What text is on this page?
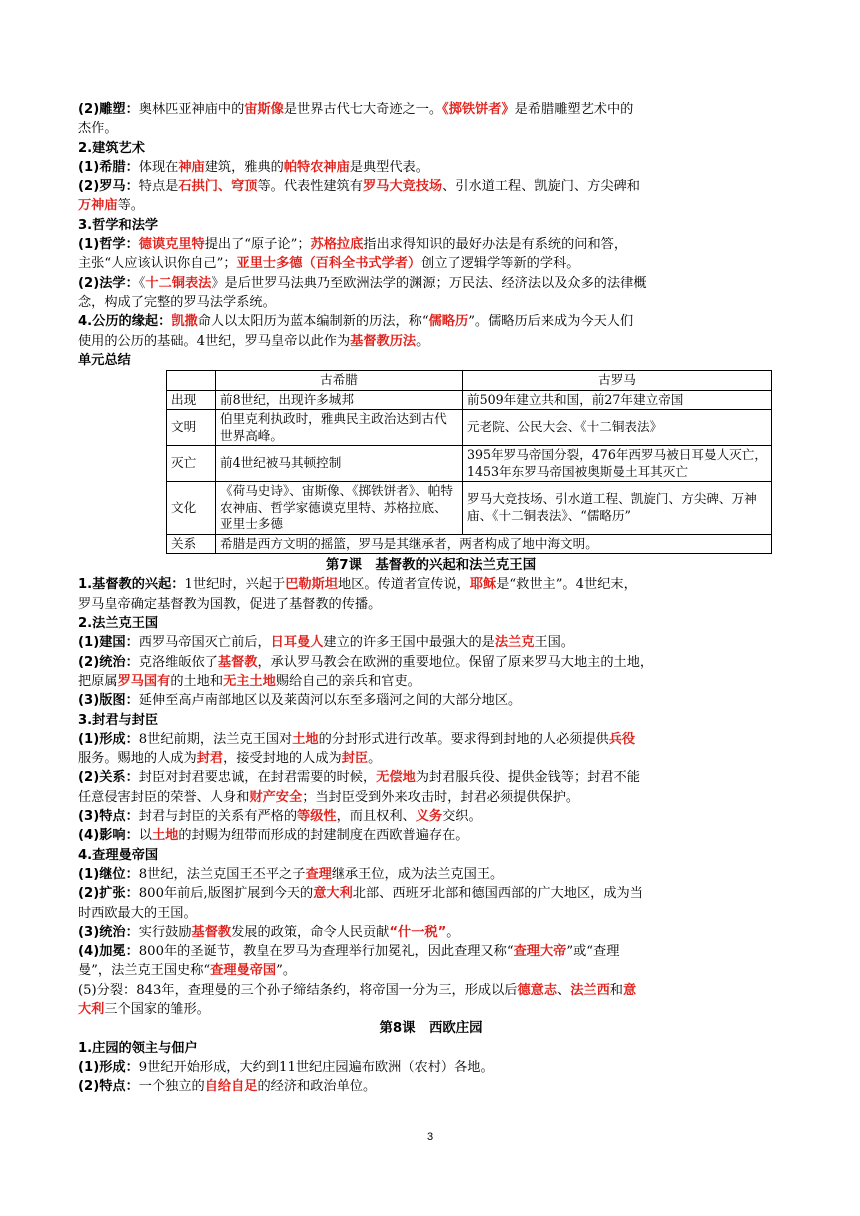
(2)雕塑：奥林匹亚神庙中的宙斯像是世界古代七大奇迹之一。《掷铁饼者》是希腊雕塑艺术中的

杰作。

2.建筑艺术

(1)希腊：体现在神庙建筑，雅典的帕特农神庙是典型代表。

(2)罗马：特点是石拱门、穹顶等。代表性建筑有罗马大竞技场、引水道工程、凯旋门、方尖碑和

万神庙等。

3.哲学和法学

(1)哲学：德谟克里特提出了“原子论”；苏格拉底指出求得知识的最好办法是有系统的问和答，

主张“人应该认识你自己”；亚里士多德（百科全书式学者）创立了逻辑学等新的学科。

(2)法学：《十二铜表法》是后世罗马法典乃至欧洲法学的渊源；万民法、经济法以及众多的法律概

念，构成了完整的罗马法学系统。

4.公历的缘起：凯撒命人以太阳历为蓝本编制新的历法，称“儒略历”。儒略历后来成为今天人们

使用的公历的基础。4世纪，罗马皇帝以此作为基督教历法。

单元总结

	古希腊	古罗马
出现	前8世纪，出现许多城邦	前509年建立共和国，前27年建立帝国
文明	伯里克利执政时，雅典民主政治达到古代世界高峰。	元老院、公民大会、《十二铜表法》
灭亡	前4世纪被马其顿控制	395年罗马帝国分裂，476年西罗马被日耳曼人灭亡，1453年东罗马帝国被奥斯曼土耳其灭亡
文化	《荷马史诗》、宙斯像、《掷铁饼者》、帕特农神庙、哲学家德谟克里特、苏格拉底、亚里士多德	罗马大竞技场、引水道工程、凯旋门、方尖碑、万神庙、《十二铜表法》、“儒略历”
关系	希腊是西方文明的摇篮，罗马是其继承者，两者构成了地中海文明。	
第7课　基督教的兴起和法兰克王国

1.基督教的兴起：1世纪时，兴起于巴勒斯坦地区。传道者宣传说，耶稣是“救世主”。4世纪末，

罗马皇帝确定基督教为国教，促进了基督教的传播。

2.法兰克王国

(1)建国：西罗马帝国灭亡前后，日耳曼人建立的许多王国中最强大的是法兰克王国。

(2)统治：克洛维皈依了基督教，承认罗马教会在欧洲的重要地位。保留了原来罗马大地主的土地，

把原属罗马国有的土地和无主土地赐给自己的亲兵和官吏。

(3)版图：延伸至高卢南部地区以及莱茵河以东至多瑙河之间的大部分地区。

3.封君与封臣

(1)形成：8世纪前期，法兰克王国对土地的分封形式进行改革。要求得到封地的人必须提供兵役

服务。赐地的人成为封君，接受封地的人成为封臣。

(2)关系：封臣对封君要忠诚，在封君需要的时候，无偿地为封君服兵役、提供金钱等；封君不能

任意侵害封臣的荣誉、人身和财产安全；当封臣受到外来攻击时，封君必须提供保护。

(3)特点：封君与封臣的关系有严格的等级性，而且权利、义务交织。

(4)影响：以土地的封赐为纽带而形成的封建制度在西欧普遍存在。

4.查理曼帝国

(1)继位：8世纪，法兰克国王丕平之子查理继承王位，成为法兰克国王。

(2)扩张：800年前后,版图扩展到今天的意大利北部、西班牙北部和德国西部的广大地区，成为当

时西欧最大的王国。

(3)统治：实行鼓励基督教发展的政策，命令人民贡献“什一税”。

(4)加冕：800年的圣诞节，教皇在罗马为查理举行加冕礼，因此查理又称“查理大帝”或“查理

曼”，法兰克王国史称“查理曼帝国”。

(5)分裂：843年，查理曼的三个孙子缔结条约，将帝国一分为三，形成以后德意志、法兰西和意

大利三个国家的雏形。

第8课　西欧庄园

1.庄园的领主与佃户

(1)形成：9世纪开始形成，大约到11世纪庄园遍布欧洲（农村）各地。

(2)特点：一个独立的自给自足的经济和政治单位。

3
